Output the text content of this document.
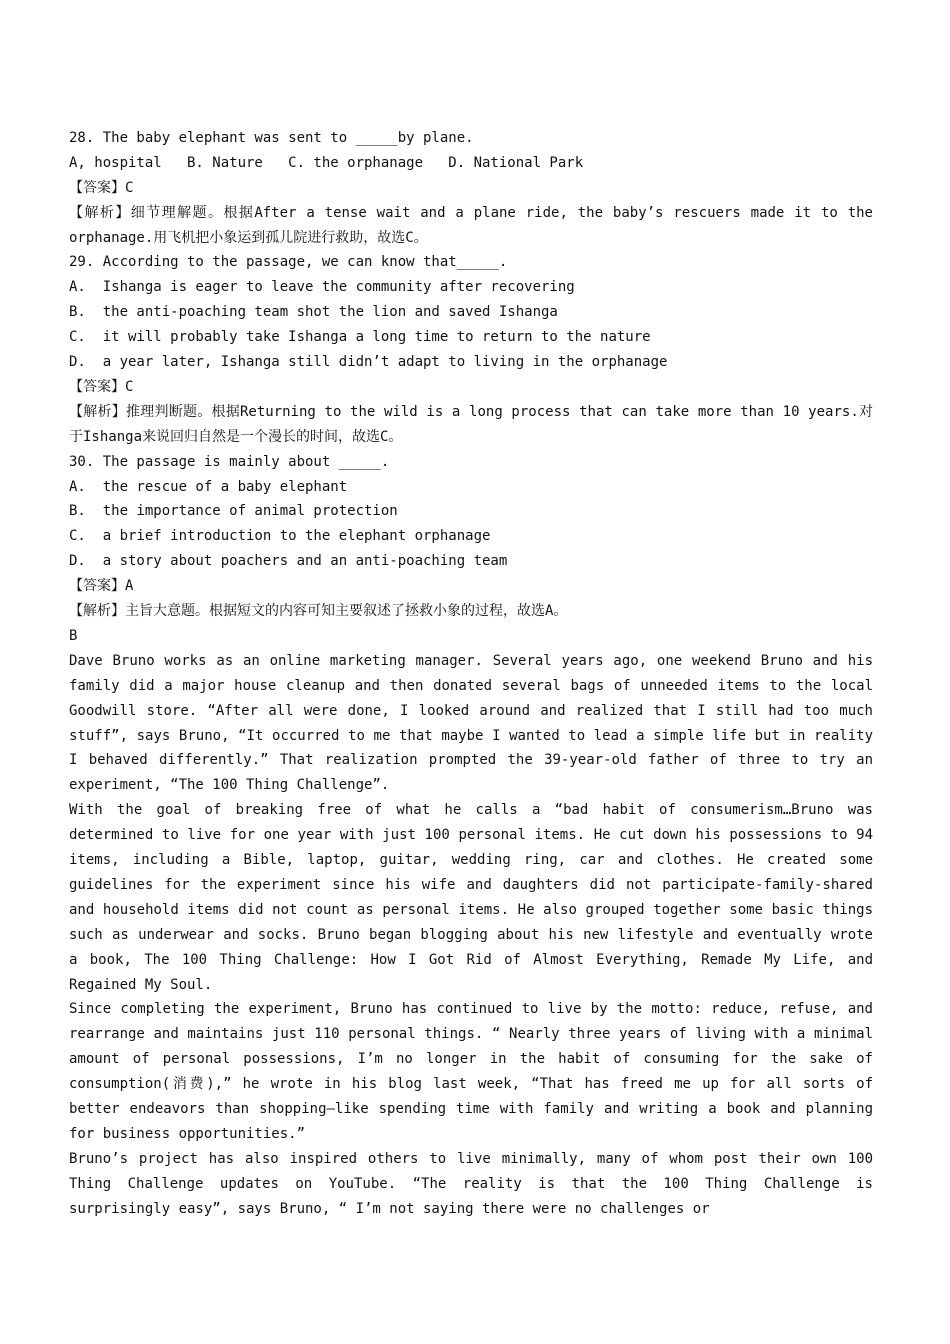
28. The baby elephant was sent to _____by plane.
A, hospital   B. Nature   C. the orphanage   D. National Park
【答案】C
【解析】细节理解题。根据After a tense wait and a plane ride, the baby’s rescuers made it to the orphanage.用飞机把小象运到孤儿院进行救助，故选C。
29. According to the passage, we can know that_____.
A.  Ishanga is eager to leave the community after recovering
B.  the anti-poaching team shot the lion and saved Ishanga
C.  it will probably take Ishanga a long time to return to the nature
D.  a year later, Ishanga still didn’t adapt to living in the orphanage
【答案】C
【解析】推理判断题。根据Returning to the wild is a long process that can take more than 10 years.对于Ishanga来说回归自然是一个漫长的时间，故选C。
30. The passage is mainly about _____.
A.  the rescue of a baby elephant
B.  the importance of animal protection
C.  a brief introduction to the elephant orphanage
D.  a story about poachers and an anti-poaching team
【答案】A
【解析】主旨大意题。根据短文的内容可知主要叙述了拯救小象的过程，故选A。
B
Dave Bruno works as an online marketing manager. Several years ago, one weekend Bruno and his family did a major house cleanup and then donated several bags of unneeded items to the local Goodwill store. “After all were done, I looked around and realized that I still had too much stuff”, says Bruno, “It occurred to me that maybe I wanted to lead a simple life but in reality I behaved differently.” That realization prompted the 39-year-old father of three to try an experiment, “The 100 Thing Challenge”.
With the goal of breaking free of what he calls a “bad habit of consumerism…Bruno was determined to live for one year with just 100 personal items. He cut down his possessions to 94 items, including a Bible, laptop, guitar, wedding ring, car and clothes. He created some guidelines for the experiment since his wife and daughters did not participate-family-shared and household items did not count as personal items. He also grouped together some basic things such as underwear and socks. Bruno began blogging about his new lifestyle and eventually wrote a book, The 100 Thing Challenge: How I Got Rid of Almost Everything, Remade My Life, and Regained My Soul.
Since completing the experiment, Bruno has continued to live by the motto: reduce, refuse, and rearrange and maintains just 110 personal things. “ Nearly three years of living with a minimal amount of personal possessions, I’m no longer in the habit of consuming for the sake of consumption(消费),” he wrote in his blog last week, “That has freed me up for all sorts of better endeavors than shopping—like spending time with family and writing a book and planning for business opportunities.”
Bruno’s project has also inspired others to live minimally, many of whom post their own 100 Thing Challenge updates on YouTube. “The reality is that the 100 Thing Challenge is surprisingly easy”, says Bruno, “ I’m not saying there were no challenges or
